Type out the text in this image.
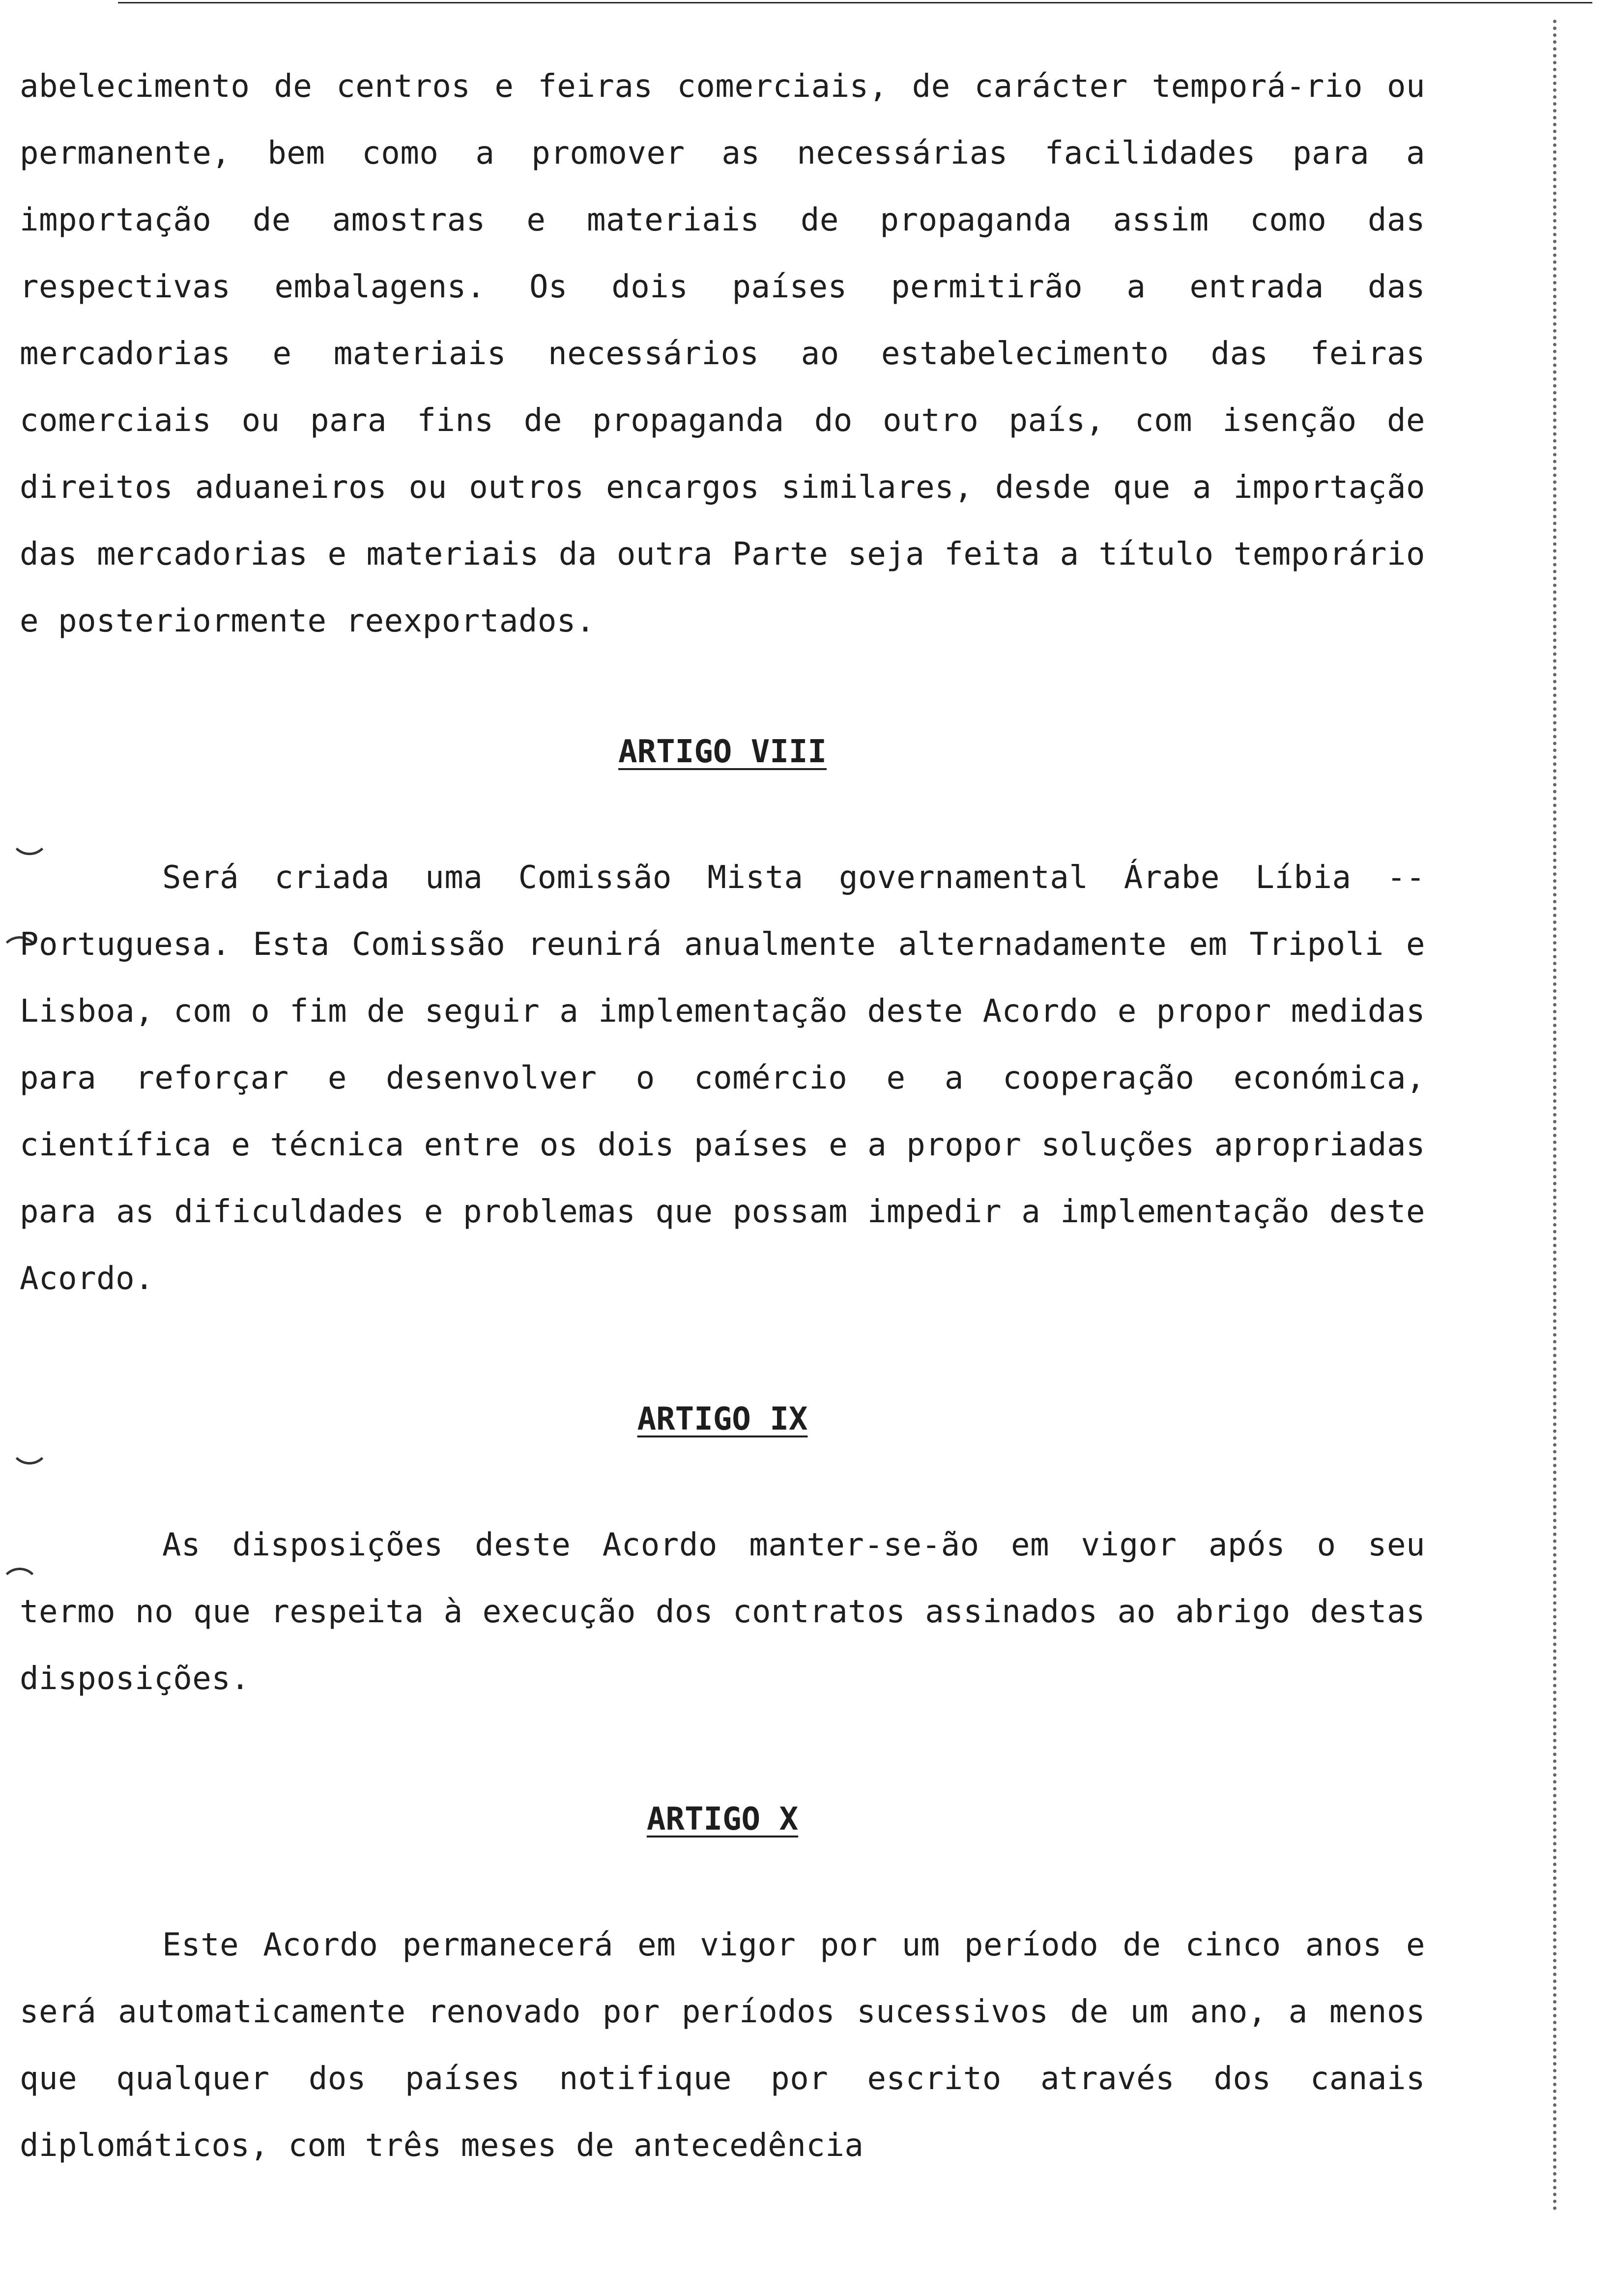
abelecimento de centros e feiras comerciais, de carácter temporá-rio ou permanente, bem como a promover as necessárias facilidades para a importação de amostras e materiais de propaganda assim como das respectivas embalagens. Os dois países permitirão a entrada das mercadorias e materiais necessários ao estabelecimento das feiras comerciais ou para fins de propaganda do outro país, com isenção de direitos aduaneiros ou outros encargos similares, desde que a importação das mercadorias e materiais da outra Parte seja feita a título temporário e posteriormente reexportados.

ARTIGO VIII

Será criada uma Comissão Mista governamental Árabe Líbia -- Portuguesa. Esta Comissão reunirá anualmente alternadamente em Tripoli e Lisboa, com o fim de seguir a implementação deste Acordo e propor medidas para reforçar e desenvolver o comércio e a cooperação económica, científica e técnica entre os dois países e a propor soluções apropriadas para as dificuldades e problemas que possam impedir a implementação deste Acordo.

ARTIGO IX

As disposições deste Acordo manter-se-ão em vigor após o seu termo no que respeita à execução dos contratos assinados ao abrigo destas disposições.

ARTIGO X

Este Acordo permanecerá em vigor por um período de cinco anos e será automaticamente renovado por períodos sucessivos de um ano, a menos que qualquer dos países notifique por escrito através dos canais diplomáticos, com três meses de antecedência
